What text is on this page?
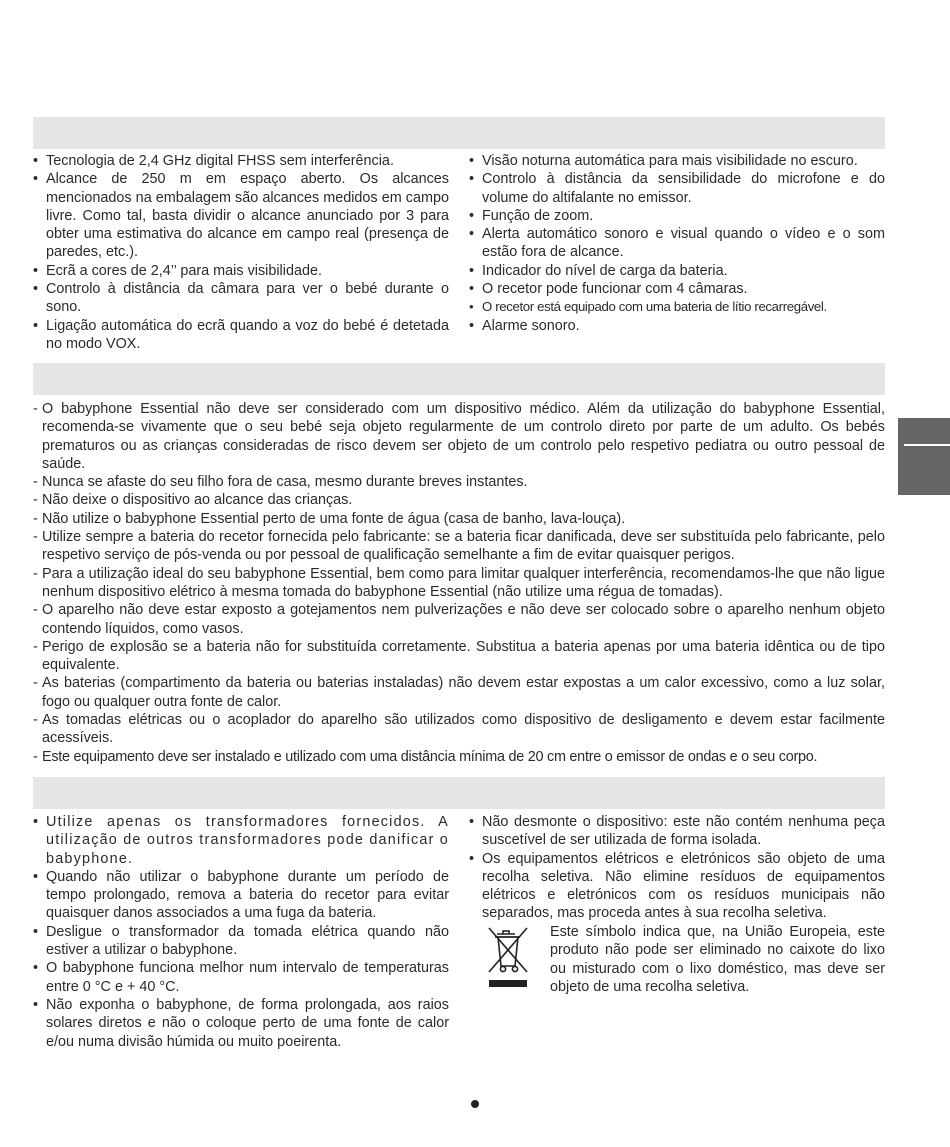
• Tecnologia de 2,4 GHz digital FHSS sem interferência.
• Alcance de 250 m em espaço aberto. Os alcances mencionados na embalagem são alcances medidos em campo livre. Como tal, basta dividir o alcance anunciado por 3 para obter uma estimativa do alcance em campo real (presença de paredes, etc.).
• Ecrã a cores de 2,4’’ para mais visibilidade.
• Controlo à distância da câmara para ver o bebé durante o sono.
• Ligação automática do ecrã quando a voz do bebé é detetada no modo VOX.
• Visão noturna automática para mais visibilidade no escuro.
• Controlo à distância da sensibilidade do microfone e do volume do altifalante no emissor.
• Função de zoom.
• Alerta automático sonoro e visual quando o vídeo e o som estão fora de alcance.
• Indicador do nível de carga da bateria.
• O recetor pode funcionar com 4 câmaras.
• O recetor está equipado com uma bateria de lítio recarregável.
• Alarme sonoro.
- O babyphone Essential não deve ser considerado com um dispositivo médico. Além da utilização do babyphone Essential, recomenda-se vivamente que o seu bebé seja objeto regularmente de um controlo direto por parte de um adulto. Os bebés prematuros ou as crianças consideradas de risco devem ser objeto de um controlo pelo respetivo pediatra ou outro pessoal de saúde.
- Nunca se afaste do seu filho fora de casa, mesmo durante breves instantes.
- Não deixe o dispositivo ao alcance das crianças.
- Não utilize o babyphone Essential perto de uma fonte de água (casa de banho, lava-louça).
- Utilize sempre a bateria do recetor fornecida pelo fabricante: se a bateria ficar danificada, deve ser substituída pelo fabricante, pelo respetivo serviço de pós-venda ou por pessoal de qualificação semelhante a fim de evitar quaisquer perigos.
- Para a utilização ideal do seu babyphone Essential, bem como para limitar qualquer interferência, recomendamos-lhe que não ligue nenhum dispositivo elétrico à mesma tomada do babyphone Essential (não utilize uma régua de tomadas).
- O aparelho não deve estar exposto a gotejamentos nem pulverizações e não deve ser colocado sobre o aparelho nenhum objeto contendo líquidos, como vasos.
- Perigo de explosão se a bateria não for substituída corretamente. Substitua a bateria apenas por uma bateria idêntica ou de tipo equivalente.
- As baterias (compartimento da bateria ou baterias instaladas) não devem estar expostas a um calor excessivo, como a luz solar, fogo ou qualquer outra fonte de calor.
- As tomadas elétricas ou o acoplador do aparelho são utilizados como dispositivo de desligamento e devem estar facilmente acessíveis.
- Este equipamento deve ser instalado e utilizado com uma distância mínima de 20 cm entre o emissor de ondas e o seu corpo.
• Utilize apenas os transformadores fornecidos. A utilização de outros transformadores pode danificar o babyphone.
• Quando não utilizar o babyphone durante um período de tempo prolongado, remova a bateria do recetor para evitar quaisquer danos associados a uma fuga da bateria.
• Desligue o transformador da tomada elétrica quando não estiver a utilizar o babyphone.
• O babyphone funciona melhor num intervalo de temperaturas entre 0 °C e + 40 °C.
• Não exponha o babyphone, de forma prolongada, aos raios solares diretos e não o coloque perto de uma fonte de calor e/ou numa divisão húmida ou muito poeirenta.
• Não desmonte o dispositivo: este não contém nenhuma peça suscetível de ser utilizada de forma isolada.
• Os equipamentos elétricos e eletrónicos são objeto de uma recolha seletiva. Não elimine resíduos de equipamentos elétricos e eletrónicos com os resíduos municipais não separados, mas proceda antes à sua recolha seletiva.
Este símbolo indica que, na União Europeia, este produto não pode ser eliminado no caixote do lixo ou misturado com o lixo doméstico, mas deve ser objeto de uma recolha seletiva.
